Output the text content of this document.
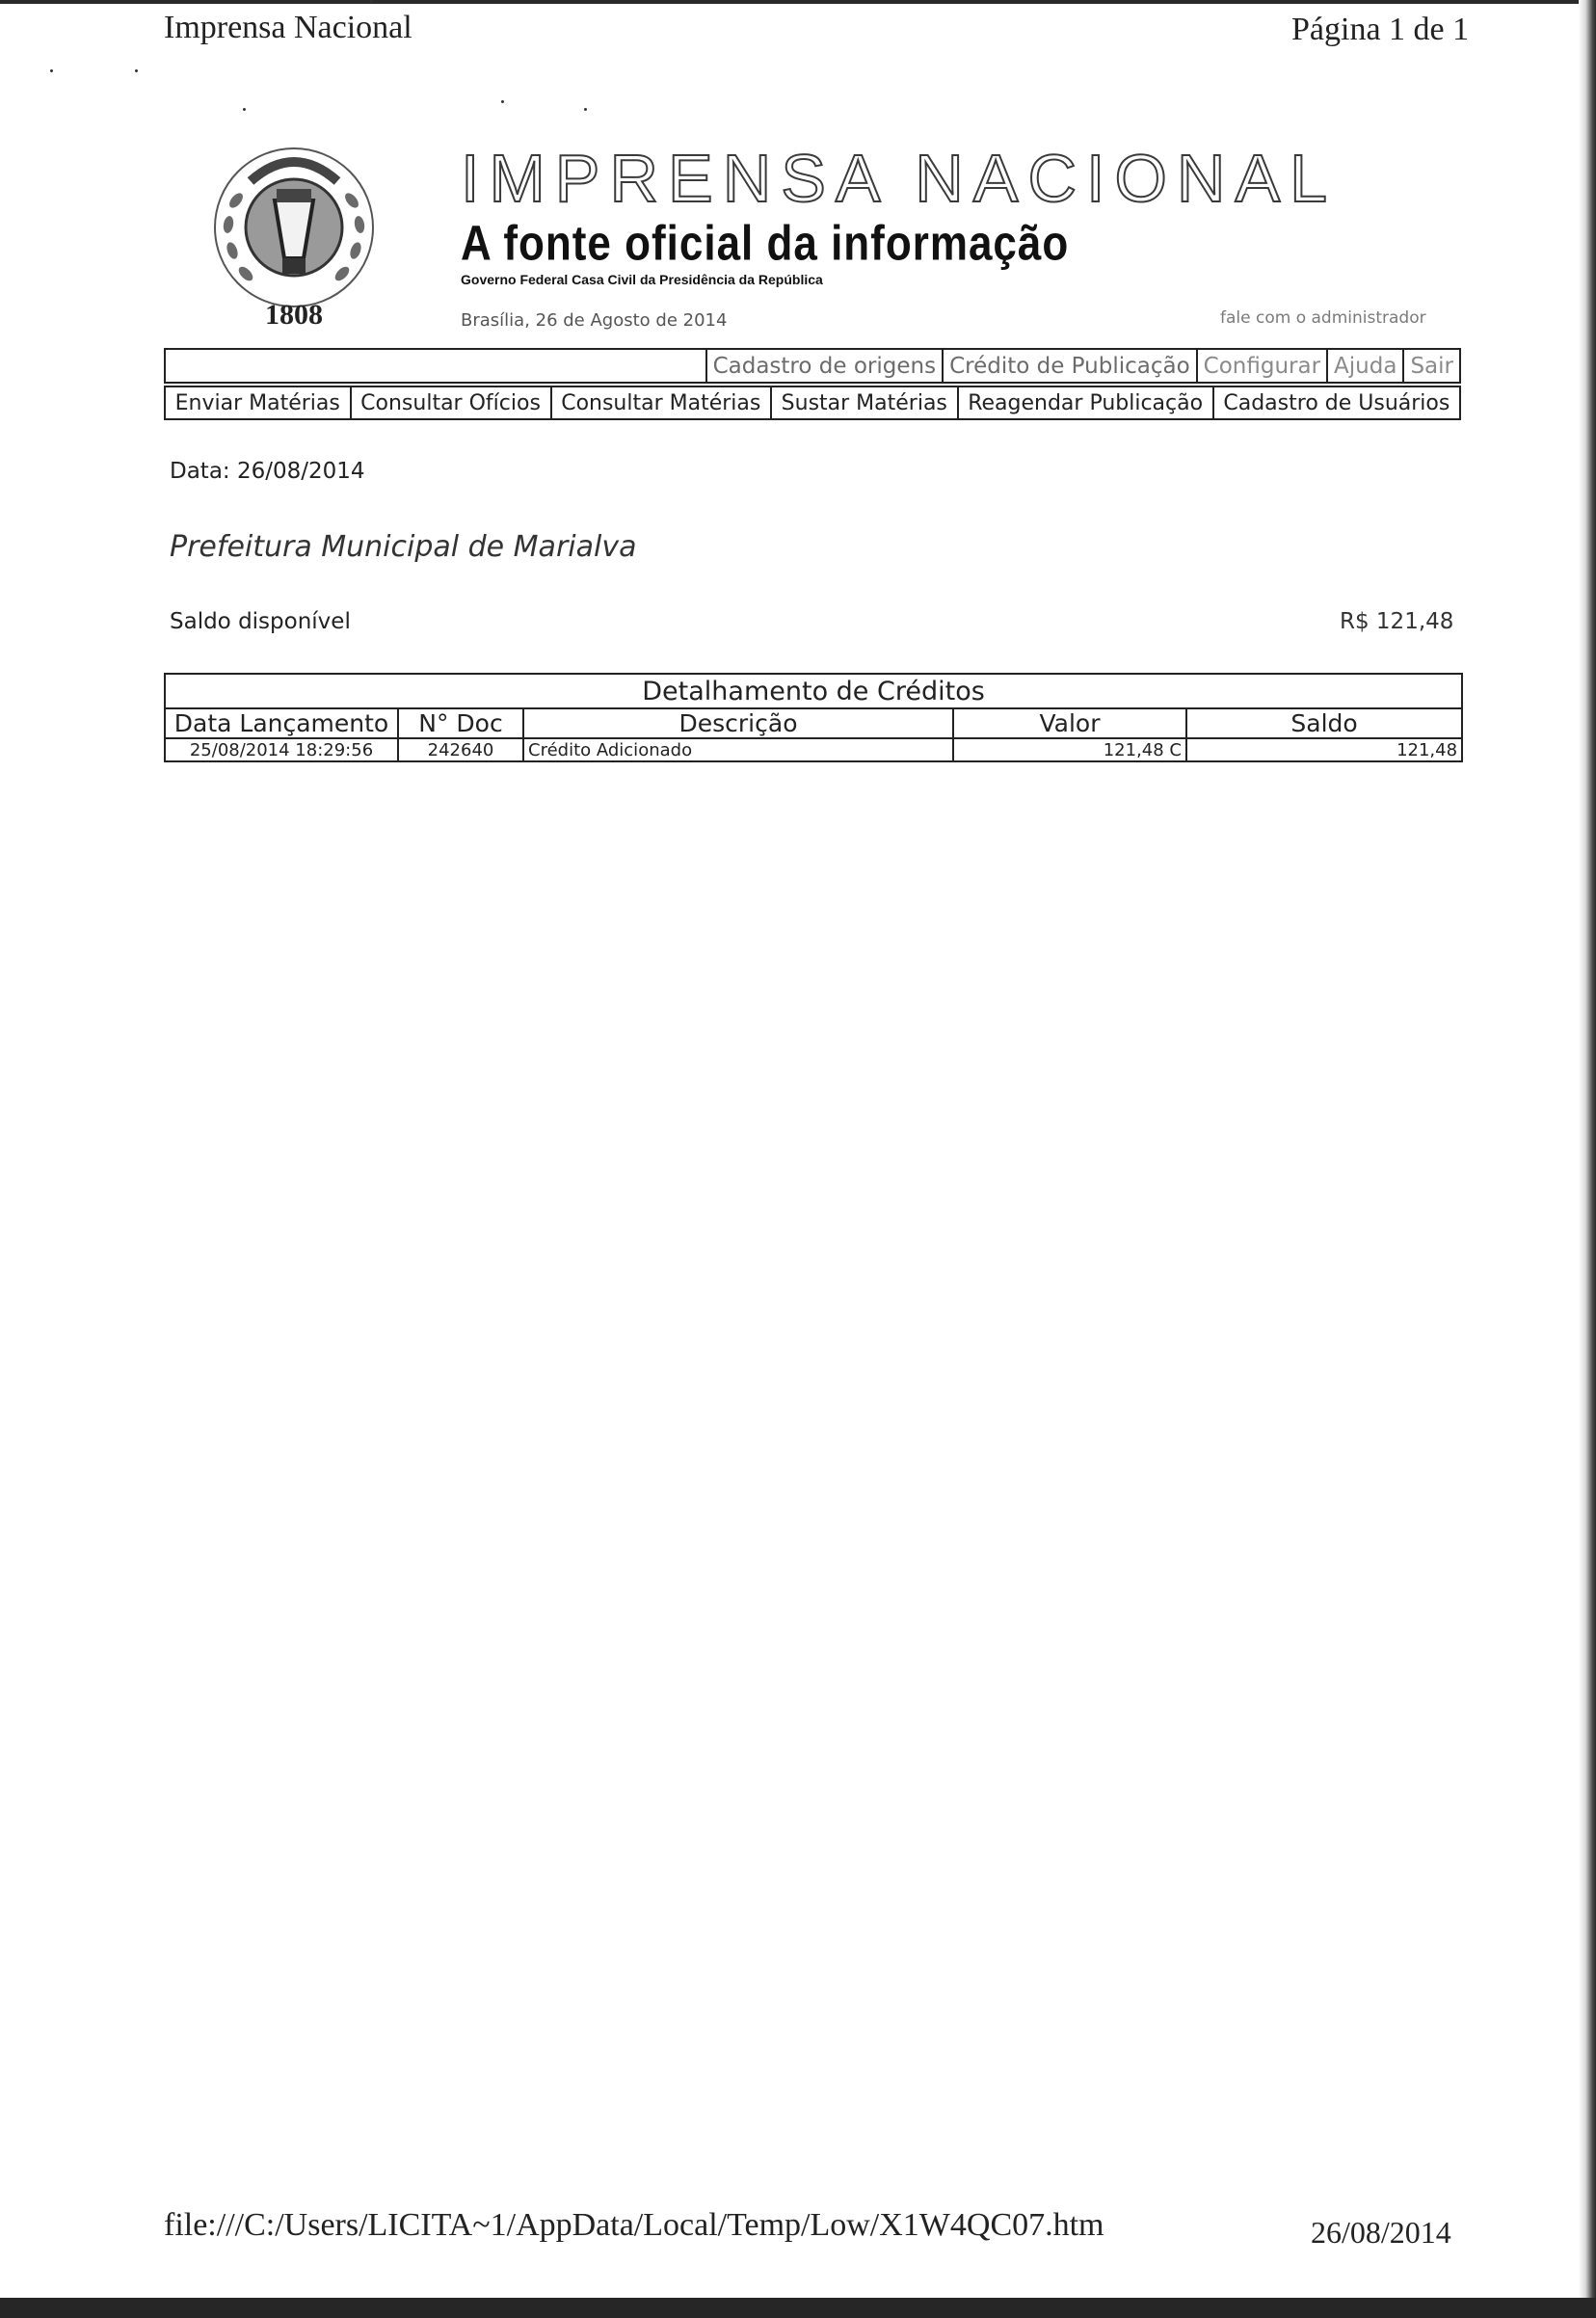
Imprensa Nacional	Página 1 de 1
1808
IMPRENSA NACIONAL
A fonte oficial da informação
Governo Federal Casa Civil da Presidência da República
Brasília, 26 de Agosto de 2014	fale com o administrador
Cadastro de origens Crédito de Publicação Configurar Ajuda Sair
Enviar Matérias Consultar Ofícios Consultar Matérias Sustar Matérias Reagendar Publicação Cadastro de Usuários
Data: 26/08/2014
Prefeitura Municipal de Marialva
Saldo disponível	R$ 121,48
Detalhamento de Créditos				
Data Lançamento	N° Doc	Descrição	Valor	Saldo
25/08/2014 18:29:56	242640	Crédito Adicionado	121,48 C	121,48
file:///C:/Users/LICITA~1/AppData/Local/Temp/Low/X1W4QC07.htm	26/08/2014
